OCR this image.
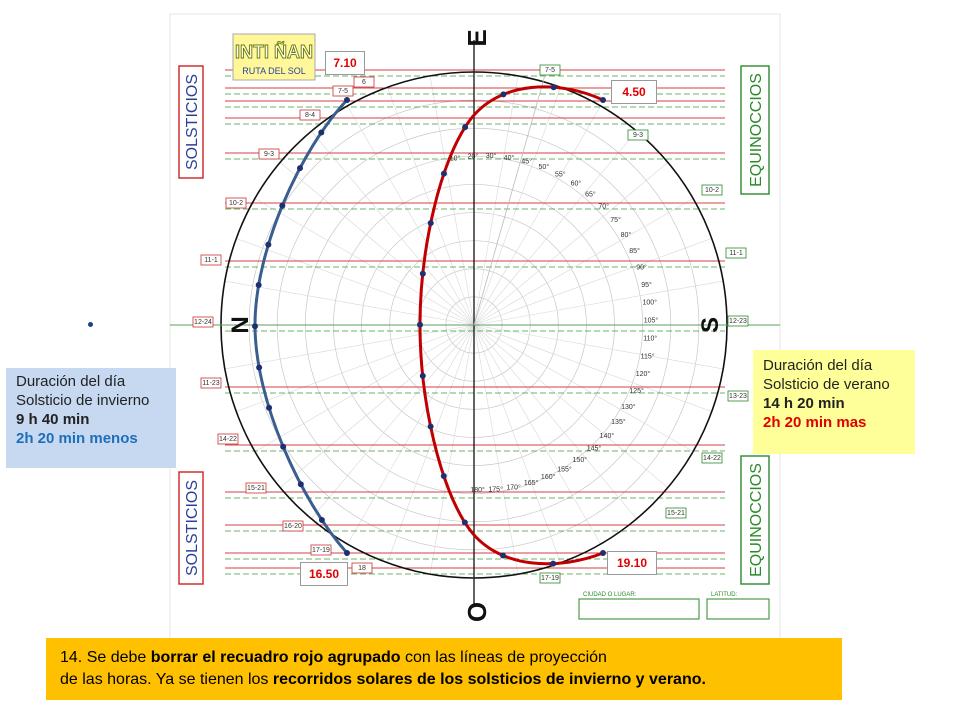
10° 20° 30° 40°
45°
50°
55°
60°
65°
70°
75°
80°
85°
90°
95°
100°
105°
110°
115°
120°
125°
130°
135°
140°
145°
150°
155°
160°
165°
170°
175°
180°
6
7-5
8-4
9-3
10-2
11-1
12-24
11-23
14-22
15-21
16-20
17-19
18
7-5
9-3
10-2
11-1
12-23
13-23
14-22
15-21
17-19
E
O
N	S
SOLSTICIOS
SOLSTICIOS
EQUINOCCIOS
EQUINOCCIOS
INTI ÑAN
RUTA DEL SOL
CIUDAD O LUGAR:	LATITUD:
7.10
4.50
16.50
19.10
Duración del día
Solsticio de invierno
9 h 40 min
2h 20 min menos
Duración del día
Solsticio de verano
14 h 20 min
2h 20 min mas
14. Se debe borrar el recuadro rojo agrupado con las líneas de proyección
de las horas. Ya se tienen los recorridos solares de los solsticios de invierno y verano.
